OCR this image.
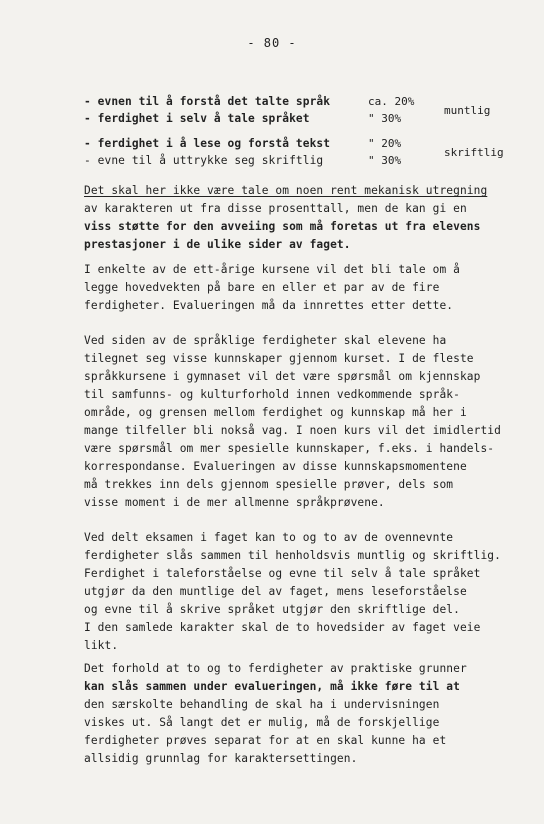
- 80 -
- evnen til å forstå det talte språk	ca. 20%
- ferdighet i selv å tale språket	" 30%
muntlig
- ferdighet i å lese og forstå tekst	" 20%
- evne til å uttrykke seg skriftlig	" 30%
skriftlig
Det skal her ikke være tale om noen rent mekanisk utregning
av karakteren ut fra disse prosenttall, men de kan gi en
viss støtte for den avveiing som må foretas ut fra elevens
prestasjoner i de ulike sider av faget.
I enkelte av de ett-årige kursene vil det bli tale om å
legge hovedvekten på bare en eller et par av de fire
ferdigheter. Evalueringen må da innrettes etter dette.
Ved siden av de språklige ferdigheter skal elevene ha
tilegnet seg visse kunnskaper gjennom kurset. I de fleste
språkkursene i gymnaset vil det være spørsmål om kjennskap
til samfunns- og kulturforhold innen vedkommende språk-
område, og grensen mellom ferdighet og kunnskap må her i
mange tilfeller bli nokså vag. I noen kurs vil det imidlertid
være spørsmål om mer spesielle kunnskaper, f.eks. i handels-
korrespondanse. Evalueringen av disse kunnskapsmomentene
må trekkes inn dels gjennom spesielle prøver, dels som
visse moment i de mer allmenne språkprøvene.
Ved delt eksamen i faget kan to og to av de ovennevnte
ferdigheter slås sammen til henholdsvis muntlig og skriftlig.
Ferdighet i taleforståelse og evne til selv å tale språket
utgjør da den muntlige del av faget, mens leseforståelse
og evne til å skrive språket utgjør den skriftlige del.
I den samlede karakter skal de to hovedsider av faget veie
likt.
Det forhold at to og to ferdigheter av praktiske grunner
kan slås sammen under evalueringen, må ikke føre til at
den særskolte behandling de skal ha i undervisningen
viskes ut. Så langt det er mulig, må de forskjellige
ferdigheter prøves separat for at en skal kunne ha et
allsidig grunnlag for karaktersettingen.
